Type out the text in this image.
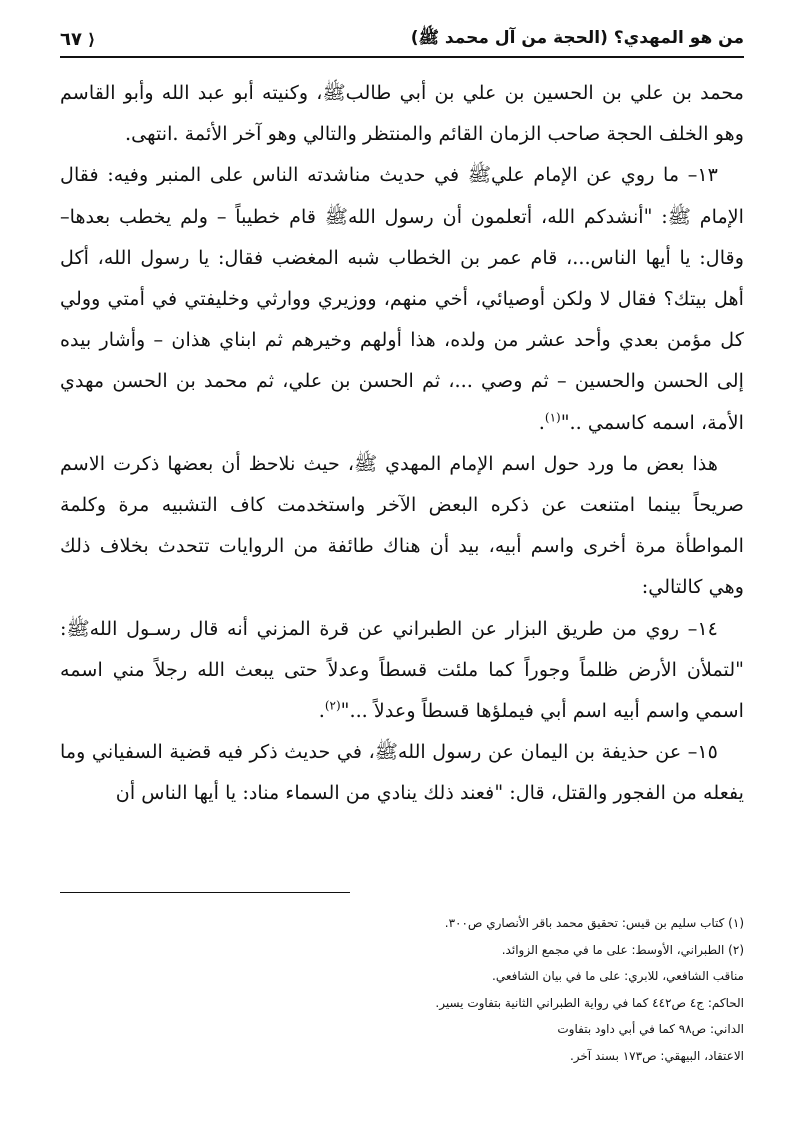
من هو المهدي؟ (الحجة من آل محمد ﷺ)
⟨
٦٧

محمد بن علي بن الحسين بن علي بن أبي طالبﷺ، وكنيته أبو عبد الله وأبو القاسم وهو الخلف الحجة صاحب الزمان القائم والمنتظر والتالي وهو آخر الأئمة .انتهى.

١٣– ما روي عن الإمام عليﷺ في حديث مناشدته الناس على المنبر وفيه: فقال الإمام ﷺ: "أنشدكم الله، أتعلمون أن رسول اللهﷺ قام خطيباً – ولم يخطب بعدها– وقال: يا أيها الناس...، قام عمر بن الخطاب شبه المغضب فقال: يا رسول الله، أكل أهل بيتك؟ فقال لا ولكن أوصيائي، أخي منهم، ووزيري ووارثي وخليفتي في أمتي وولي كل مؤمن بعدي وأحد عشر من ولده، هذا أولهم وخيرهم ثم ابناي هذان – وأشار بيده إلى الحسن والحسين – ثم وصي ...، ثم الحسن بن علي، ثم محمد بن الحسن مهدي الأمة، اسمه كاسمي .."$^{(١)}$.

هذا بعض ما ورد حول اسم الإمام المهدي ﷺ، حيث نلاحظ أن بعضها ذكرت الاسم صريحاً بينما امتنعت عن ذكره البعض الآخر واستخدمت كاف التشبيه مرة وكلمة المواطأة مرة أخرى واسم أبيه، بيد أن هناك طائفة من الروايات تتحدث بخلاف ذلك وهي كالتالي:

١٤– روي من طريق البزار عن الطبراني عن قرة المزني أنه قال رسـول اللهﷺ: "لتملأن الأرض ظلماً وجوراً كما ملئت قسطاً وعدلاً حتى يبعث الله رجلاً مني اسمه اسمي واسم أبيه اسم أبي فيملؤها قسطاً وعدلاً ..."$^{(٢)}$.

١٥– عن حذيفة بن اليمان عن رسول اللهﷺ، في حديث ذكر فيه قضية السفياني وما يفعله من الفجور والقتل، قال: "فعند ذلك ينادي من السماء مناد: يا أيها الناس أن

(١) كتاب سليم بن قيس: تحقيق محمد باقر الأنصاري ص٣٠٠.
(٢) الطبراني، الأوسط: على ما في مجمع الزوائد.
مناقب الشافعي، للابري: على ما في بيان الشافعي.
الحاكم: ج٤ ص٤٤٢ كما في رواية الطبراني الثانية بتفاوت يسير.
الداني: ص٩٨ كما في أبي داود بتفاوت
الاعتقاد، البيهقي: ص١٧٣ بسند آخر.
